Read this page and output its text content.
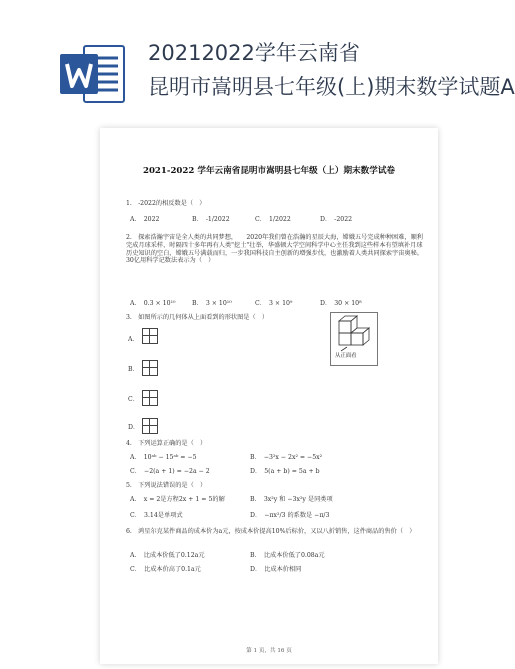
20212022学年云南省
昆明市嵩明县七年级(上)期末数学试题A
2021-2022 学年云南省昆明市嵩明县七年级（上）期末数学试卷
1.　-2022的相反数是（　）
A．　2022	B．　-1/2022	C．　1/2022	D．　-2022
2.　探索浩瀚宇宙是全人类的共同梦想，　　2020年我们曾在浩瀚的星辰大海，嫦娥五号完成种种困难，顺利完成月球采样，时隔四十多年再有人类"挖土"壮举，华盛顿大学空间科学中心主任我到这些样本有望填补月球历史知识的空白，嫦娥五号满载而归，一步我国科技自主创新的增强步伐，也激励着人类共同探索宇宙奥秘。30亿用科学记数法表示为（　）
A．　0.3 × 10¹⁰	B．　3 × 10¹⁰	C．　3 × 10⁹	D．　30 × 10⁸
3.　如图所示的几何体从上面看到的形状图是（　）
从正面看
A．
B．
C．
D．
4.　下列运算正确的是（　）
A．　10ᵃᵇ − 15ᵃᵇ = −5	B．　−3²x − 2x² = −5x²
C．　−2(a + 1) = −2a − 2	D．　5(a + b) = 5a + b
5.　下列说法错误的是（　）
A．　x = 2是方程2x + 1 = 5的解	B．　3x²y 和 −3x²y 是同类项
C．　3.14是单项式	D．　−πx²/3 的系数是 −π/3
6.　鸿星尔克某件商品的成本价为a元，按成本价提高10%后标价，又以八折销售，这件商品的售价（　）
A．　比成本价低了0.12a元	B．　比成本价低了0.08a元
C．　比成本价高了0.1a元	D．　比成本价相同
第 1 页，共 16 页
